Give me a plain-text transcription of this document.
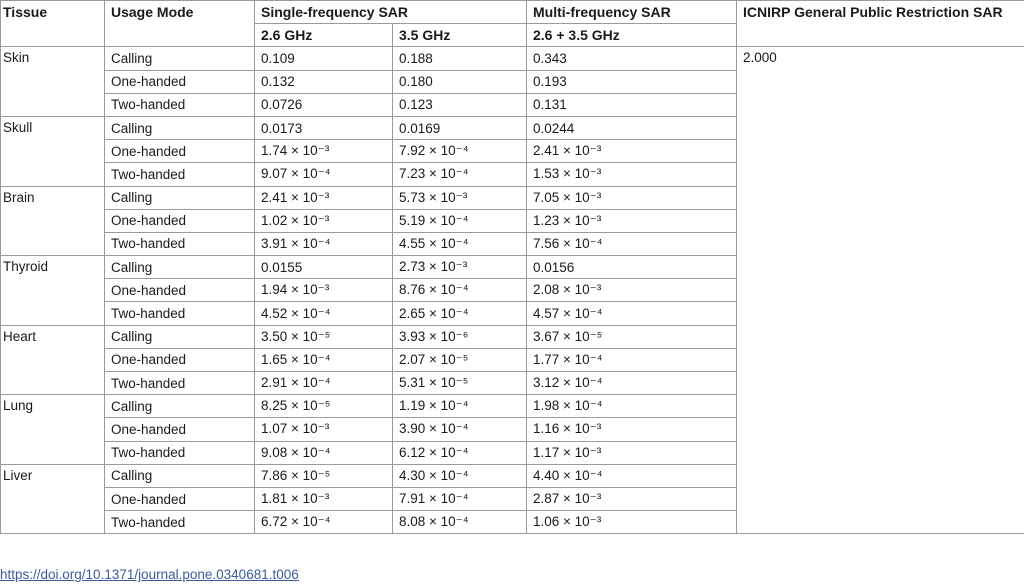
Tissue	Usage Mode	Single-frequency SAR		Multi-frequency SAR	ICNIRP General Public Restriction SAR
		2.6 GHz	3.5 GHz	2.6 + 3.5 GHz	
Skin	Calling	0.109	0.188	0.343	2.000
	One-handed	0.132	0.180	0.193	
	Two-handed	0.0726	0.123	0.131	
Skull	Calling	0.0173	0.0169	0.0244	
	One-handed	1.74 × 10⁻³	7.92 × 10⁻⁴	2.41 × 10⁻³	
	Two-handed	9.07 × 10⁻⁴	7.23 × 10⁻⁴	1.53 × 10⁻³	
Brain	Calling	2.41 × 10⁻³	5.73 × 10⁻³	7.05 × 10⁻³	
	One-handed	1.02 × 10⁻³	5.19 × 10⁻⁴	1.23 × 10⁻³	
	Two-handed	3.91 × 10⁻⁴	4.55 × 10⁻⁴	7.56 × 10⁻⁴	
Thyroid	Calling	0.0155	2.73 × 10⁻³	0.0156	
	One-handed	1.94 × 10⁻³	8.76 × 10⁻⁴	2.08 × 10⁻³	
	Two-handed	4.52 × 10⁻⁴	2.65 × 10⁻⁴	4.57 × 10⁻⁴	
Heart	Calling	3.50 × 10⁻⁵	3.93 × 10⁻⁶	3.67 × 10⁻⁵	
	One-handed	1.65 × 10⁻⁴	2.07 × 10⁻⁵	1.77 × 10⁻⁴	
	Two-handed	2.91 × 10⁻⁴	5.31 × 10⁻⁵	3.12 × 10⁻⁴	
Lung	Calling	8.25 × 10⁻⁵	1.19 × 10⁻⁴	1.98 × 10⁻⁴	
	One-handed	1.07 × 10⁻³	3.90 × 10⁻⁴	1.16 × 10⁻³	
	Two-handed	9.08 × 10⁻⁴	6.12 × 10⁻⁴	1.17 × 10⁻³	
Liver	Calling	7.86 × 10⁻⁵	4.30 × 10⁻⁴	4.40 × 10⁻⁴	
	One-handed	1.81 × 10⁻³	7.91 × 10⁻⁴	2.87 × 10⁻³	
	Two-handed	6.72 × 10⁻⁴	8.08 × 10⁻⁴	1.06 × 10⁻³	
https://doi.org/10.1371/journal.pone.0340681.t006
